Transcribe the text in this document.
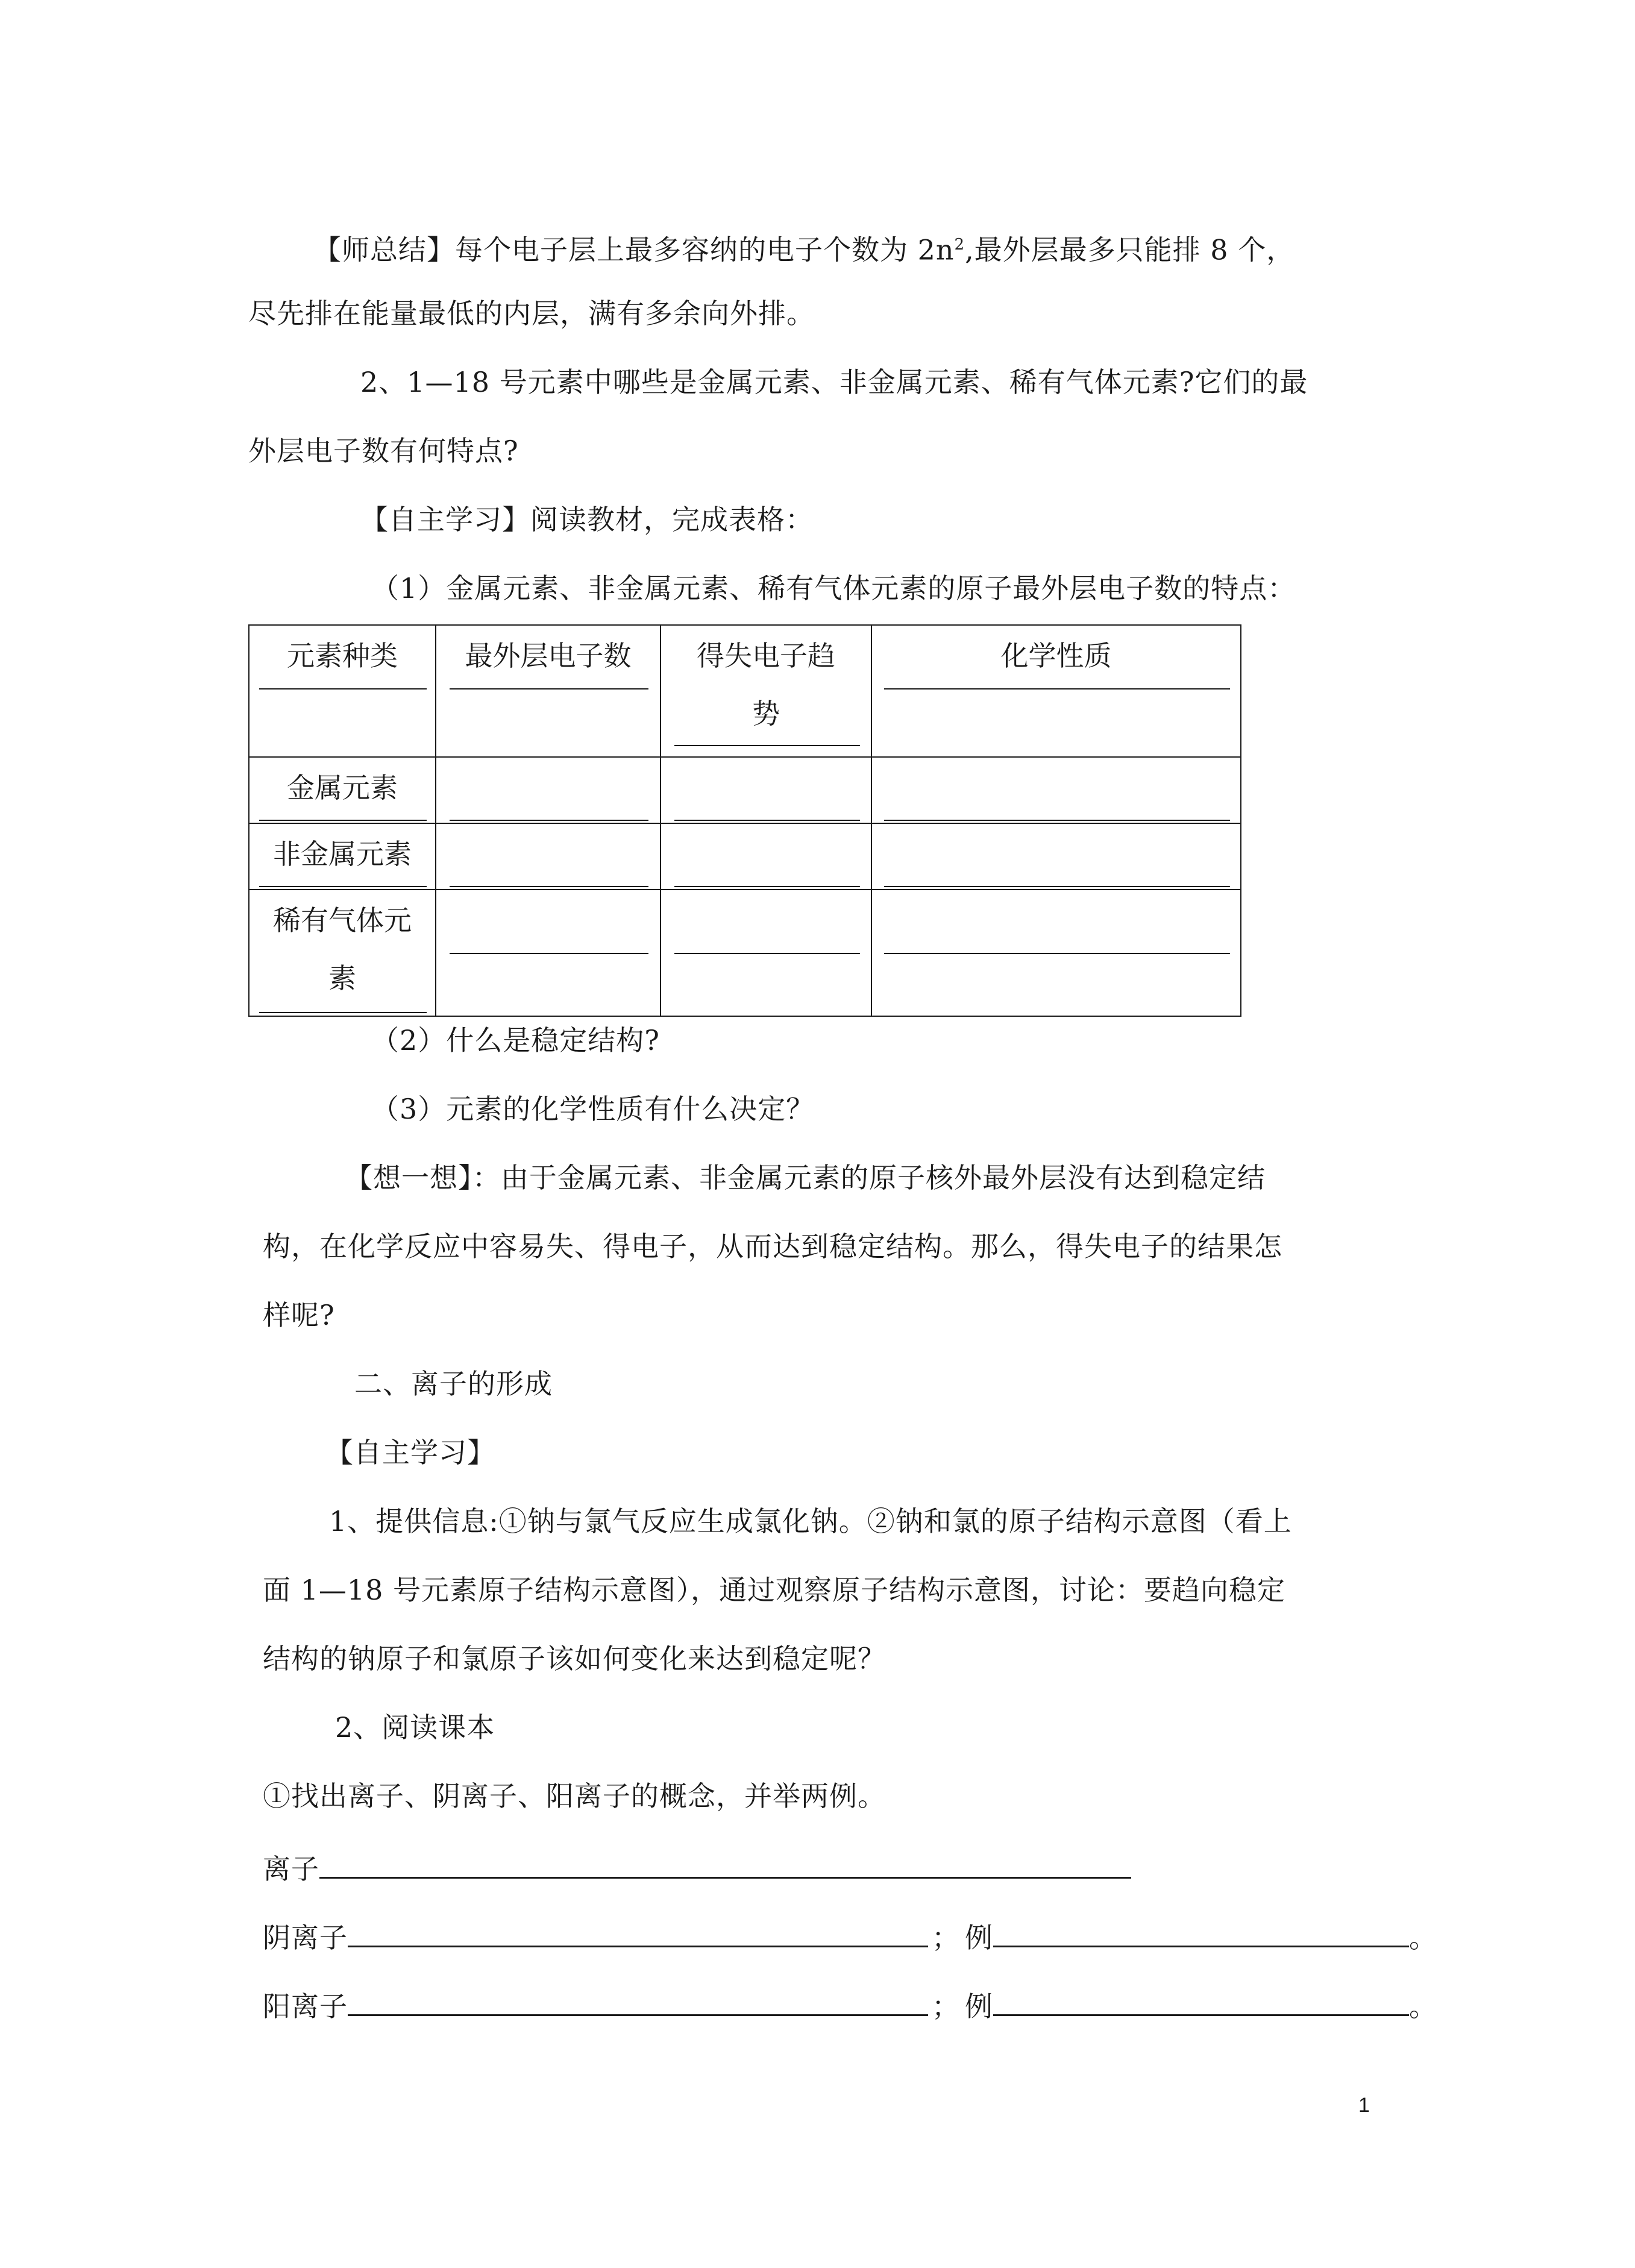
【师总结】每个电子层上最多容纳的电子个数为 $2n^2$,最外层最多只能排 8 个，
尽先排在能量最低的内层，满有多余向外排。
2、1—18 号元素中哪些是金属元素、非金属元素、稀有气体元素?它们的最
外层电子数有何特点?
【自主学习】阅读教材，完成表格：
（1）金属元素、非金属元素、稀有气体元素的原子最外层电子数的特点：
元素种类	最外层电子数	得失电子趋
势	化学性质

金属元素			

非金属元素			

稀有气体元
素			

（2）什么是稳定结构?
（3）元素的化学性质有什么决定？
【想一想】：由于金属元素、非金属元素的原子核外最外层没有达到稳定结
构，在化学反应中容易失、得电子，从而达到稳定结构。那么，得失电子的结果怎
样呢?
二、离子的形成
【自主学习】
1、提供信息:①钠与氯气反应生成氯化钠。②钠和氯的原子结构示意图（看上
面 1—18 号元素原子结构示意图），通过观察原子结构示意图，讨论：要趋向稳定
结构的钠原子和氯原子该如何变化来达到稳定呢？
2、阅读课本
①找出离子、阴离子、阳离子的概念，并举两例。
离子
阴离子	； 例	。
阳离子	； 例	。
1
